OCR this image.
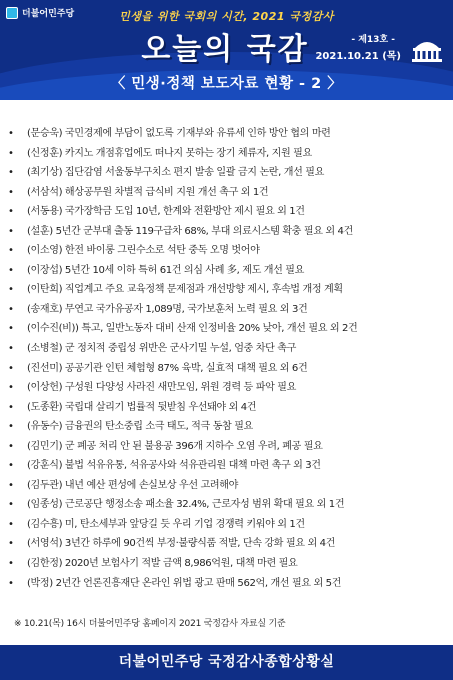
더불어민주당	민생을 위한 국회의 시간, 2021 국정감사
오늘의 국감	- 제13호 -
2021.10.21 (목)
〈 민생·정책 보도자료 현황 - 2 〉
• (문승욱) 국민경제에 부담이 없도록 기재부와 유류세 인하 방안 협의 마련
• (신정훈) 카지노 개점휴업에도 떠나지 못하는 장기 체류자, 지원 필요
• (최기상) 집단감염 서울동부구치소 편지 발송 일괄 금지 논란, 개선 필요
• (서삼석) 해상공무원 차별적 급식비 지원 개선 촉구 외 1건
• (서동용) 국가장학금 도입 10년, 한계와 전환방안 제시 필요 외 1건
• (설훈) 5년간 군부대 출동 119구급차 68%, 부대 의료시스템 확충 필요 외 4건
• (이소영) 한전 바이롱 그린수소로 석탄 중독 오명 벗어야
• (이장섭) 5년간 10세 이하 특허 61건 의심 사례 多, 제도 개선 필요
• (이탄희) 직업계고 주요 교육정책 문제점과 개선방향 제시, 후속법 개정 계획
• (송재호) 무연고 국가유공자 1,089명, 국가보훈처 노력 필요 외 3건
• (이수진(비)) 특고, 일반노동자 대비 산재 인정비율 20% 낮아, 개선 필요 외 2건
• (소병철) 군 정치적 중립성 위반은 군사기밀 누설, 엄중 차단 촉구
• (진선미) 공공기관 인턴 체험형 87% 육박, 실효적 대책 필요 외 6건
• (이상헌) 구성원 다양성 사라진 새만모임, 위원 경력 등 파악 필요
• (도종환) 국립대 살리기 법률적 뒷받침 우선돼야 외 4건
• (유동수) 금융권의 탄소중립 소극 태도, 적극 동참 필요
• (김민기) 군 폐공 처리 안 된 불용공 396개 지하수 오염 우려, 폐공 필요
• (강훈식) 불법 석유유통, 석유공사와 석유관리원 대책 마련 촉구 외 3건
• (김두관) 내년 예산 편성에 손실보상 우선 고려해야
• (임종성) 근로공단 행정소송 패소율 32.4%, 근로자성 범위 확대 필요 외 1건
• (김수흥) 미, 탄소세부과 앞당길 듯 우리 기업 경쟁력 키워야 외 1건
• (서영석) 3년간 하루에 90건씩 부정·불량식품 적발, 단속 강화 필요 외 4건
• (김한정) 2020년 보험사기 적발 금액 8,986억원, 대책 마련 필요
• (박정) 2년간 언론진흥재단 온라인 위법 광고 판매 562억, 개선 필요 외 5건
※ 10.21(목) 16시 더불어민주당 홈페이지 2021 국정감사 자료실 기준
더불어민주당 국정감사종합상황실
